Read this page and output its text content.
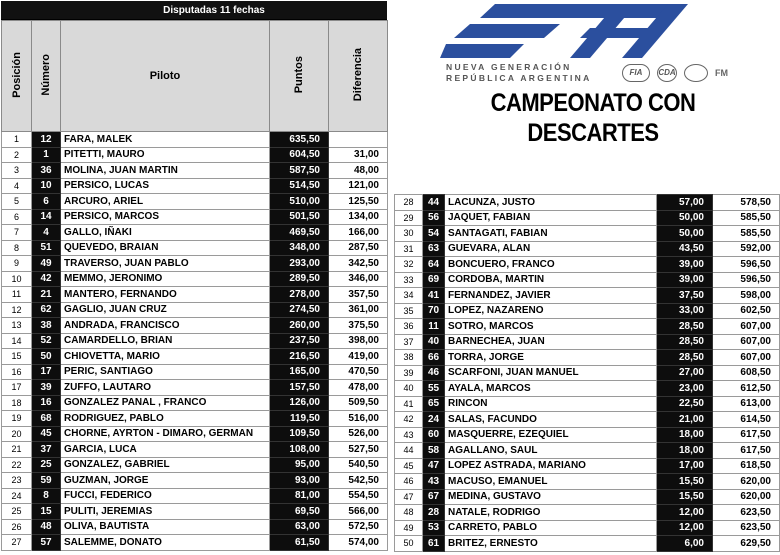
Disputadas 11 fechas
Posición	Número	Piloto	Puntos	Diferencia
1	12	FARA, MALEK	635,50	
2	1	PITETTI, MAURO	604,50	31,00
3	36	MOLINA, JUAN MARTIN	587,50	48,00
4	10	PERSICO, LUCAS	514,50	121,00
5	6	ARCURO, ARIEL	510,00	125,50
6	14	PERSICO, MARCOS	501,50	134,00
7	4	GALLO, IÑAKI	469,50	166,00
8	51	QUEVEDO, BRAIAN	348,00	287,50
9	49	TRAVERSO, JUAN PABLO	293,00	342,50
10	42	MEMMO, JERONIMO	289,50	346,00
11	21	MANTERO, FERNANDO	278,00	357,50
12	62	GAGLIO, JUAN CRUZ	274,50	361,00
13	38	ANDRADA, FRANCISCO	260,00	375,50
14	52	CAMARDELLO, BRIAN	237,50	398,00
15	50	CHIOVETTA, MARIO	216,50	419,00
16	17	PERIC, SANTIAGO	165,00	470,50
17	39	ZUFFO, LAUTARO	157,50	478,00
18	16	GONZALEZ PANAL , FRANCO	126,00	509,50
19	68	RODRIGUEZ, PABLO	119,50	516,00
20	45	CHORNE, AYRTON - DIMARO, GERMAN	109,50	526,00
21	37	GARCIA, LUCA	108,00	527,50
22	25	GONZALEZ, GABRIEL	95,00	540,50
23	59	GUZMAN, JORGE	93,00	542,50
24	8	FUCCI, FEDERICO	81,00	554,50
25	15	PULITI, JEREMIAS	69,50	566,00
26	48	OLIVA, BAUTISTA	63,00	572,50
27	57	SALEMME, DONATO	61,50	574,00
NUEVA GENERACIÓN
REPÚBLICA ARGENTINA
FIA	CDA	FM
CAMPEONATO CON DESCARTES
28	44	LACUNZA, JUSTO	57,00	578,50
29	56	JAQUET, FABIAN	50,00	585,50
30	54	SANTAGATI, FABIAN	50,00	585,50
31	63	GUEVARA, ALAN	43,50	592,00
32	64	BONCUERO, FRANCO	39,00	596,50
33	69	CORDOBA, MARTIN	39,00	596,50
34	41	FERNANDEZ, JAVIER	37,50	598,00
35	70	LOPEZ, NAZARENO	33,00	602,50
36	11	SOTRO, MARCOS	28,50	607,00
37	40	BARNECHEA, JUAN	28,50	607,00
38	66	TORRA, JORGE	28,50	607,00
39	46	SCARFONI, JUAN MANUEL	27,00	608,50
40	55	AYALA, MARCOS	23,00	612,50
41	65	RINCON	22,50	613,00
42	24	SALAS, FACUNDO	21,00	614,50
43	60	MASQUERRE, EZEQUIEL	18,00	617,50
44	58	AGALLANO, SAUL	18,00	617,50
45	47	LOPEZ ASTRADA, MARIANO	17,00	618,50
46	43	MACUSO, EMANUEL	15,50	620,00
47	67	MEDINA, GUSTAVO	15,50	620,00
48	28	NATALE, RODRIGO	12,00	623,50
49	53	CARRETO, PABLO	12,00	623,50
50	61	BRITEZ, ERNESTO	6,00	629,50
